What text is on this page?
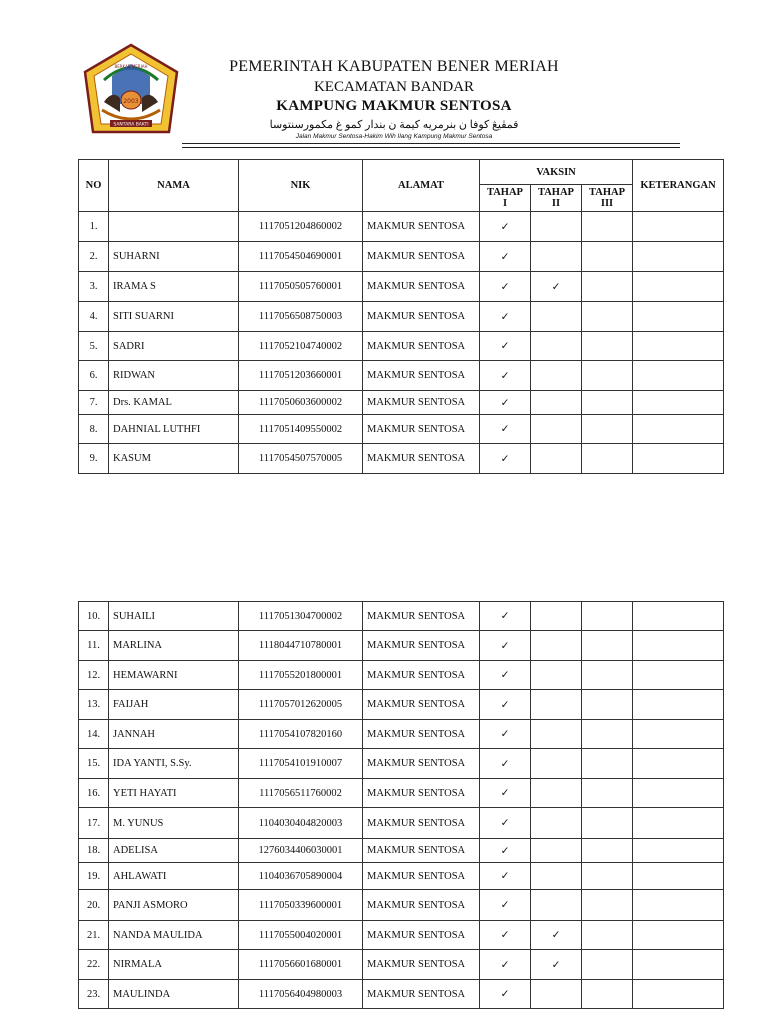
2003
SANTARA BAKTI
BERKAB MERIAH	PEMERINTAH KABUPATEN BENER MERIAH
KECAMATAN BANDAR
KAMPUNG MAKMUR SENTOSA
قمڤيڠ كوفا ن بنرمريه كيمة ن بندار كمو غ مكمورسنتوسا
Jalan Makmur Sentosa-Hakim Wih Ilang Kampung Makmur Sentosa
NO	NAMA	NIK	ALAMAT	VAKSIN			KETERANGAN
				TAHAP I	TAHAP II	TAHAP III	
1.		1117051204860002	MAKMUR SENTOSA	✓			
2.	SUHARNI	1117054504690001	MAKMUR SENTOSA	✓			
3.	IRAMA S	1117050505760001	MAKMUR SENTOSA	✓	✓		
4.	SITI SUARNI	1117056508750003	MAKMUR SENTOSA	✓			
5.	SADRI	1117052104740002	MAKMUR SENTOSA	✓			
6.	RIDWAN	1117051203660001	MAKMUR SENTOSA	✓			
7.	Drs. KAMAL	1117050603600002	MAKMUR SENTOSA	✓			
8.	DAHNIAL LUTHFI	1117051409550002	MAKMUR SENTOSA	✓			
9.	KASUM	1117054507570005	MAKMUR SENTOSA	✓			
10.	SUHAILI	1117051304700002	MAKMUR SENTOSA	✓			
11.	MARLINA	1118044710780001	MAKMUR SENTOSA	✓			
12.	HEMAWARNI	1117055201800001	MAKMUR SENTOSA	✓			
13.	FAIJAH	1117057012620005	MAKMUR SENTOSA	✓			
14.	JANNAH	1117054107820160	MAKMUR SENTOSA	✓			
15.	IDA YANTI, S.Sy.	1117054101910007	MAKMUR SENTOSA	✓			
16.	YETI HAYATI	1117056511760002	MAKMUR SENTOSA	✓			
17.	M. YUNUS	1104030404820003	MAKMUR SENTOSA	✓			
18.	ADELISA	1276034406030001	MAKMUR SENTOSA	✓			
19.	AHLAWATI	1104036705890004	MAKMUR SENTOSA	✓			
20.	PANJI ASMORO	1117050339600001	MAKMUR SENTOSA	✓			
21.	NANDA MAULIDA	1117055004020001	MAKMUR SENTOSA	✓	✓		
22.	NIRMALA	1117056601680001	MAKMUR SENTOSA	✓	✓		
23.	MAULINDA	1117056404980003	MAKMUR SENTOSA	✓			
